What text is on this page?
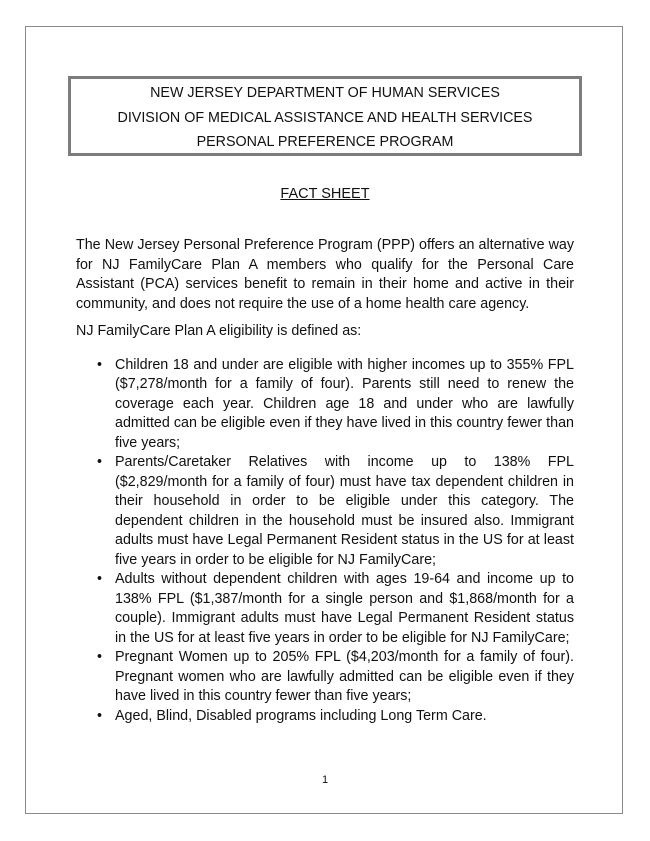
NEW JERSEY DEPARTMENT OF HUMAN SERVICES
DIVISION OF MEDICAL ASSISTANCE AND HEALTH SERVICES
PERSONAL PREFERENCE PROGRAM
FACT SHEET

The New Jersey Personal Preference Program (PPP) offers an alternative way for NJ FamilyCare Plan A members who qualify for the Personal Care Assistant (PCA) services benefit to remain in their home and active in their community, and does not require the use of a home health care agency.

NJ FamilyCare Plan A eligibility is defined as:

• Children 18 and under are eligible with higher incomes up to 355% FPL ($7,278/month for a family of four). Parents still need to renew the coverage each year. Children age 18 and under who are lawfully admitted can be eligible even if they have lived in this country fewer than five years;
• Parents/Caretaker Relatives with income up to 138% FPL ($2,829/month for a family of four) must have tax dependent children in their household in order to be eligible under this category. The dependent children in the household must be insured also. Immigrant adults must have Legal Permanent Resident status in the US for at least five years in order to be eligible for NJ FamilyCare;
• Adults without dependent children with ages 19-64 and income up to 138% FPL ($1,387/month for a single person and $1,868/month for a couple). Immigrant adults must have Legal Permanent Resident status in the US for at least five years in order to be eligible for NJ FamilyCare;
• Pregnant Women up to 205% FPL ($4,203/month for a family of four). Pregnant women who are lawfully admitted can be eligible even if they have lived in this country fewer than five years;
• Aged, Blind, Disabled programs including Long Term Care.
1
